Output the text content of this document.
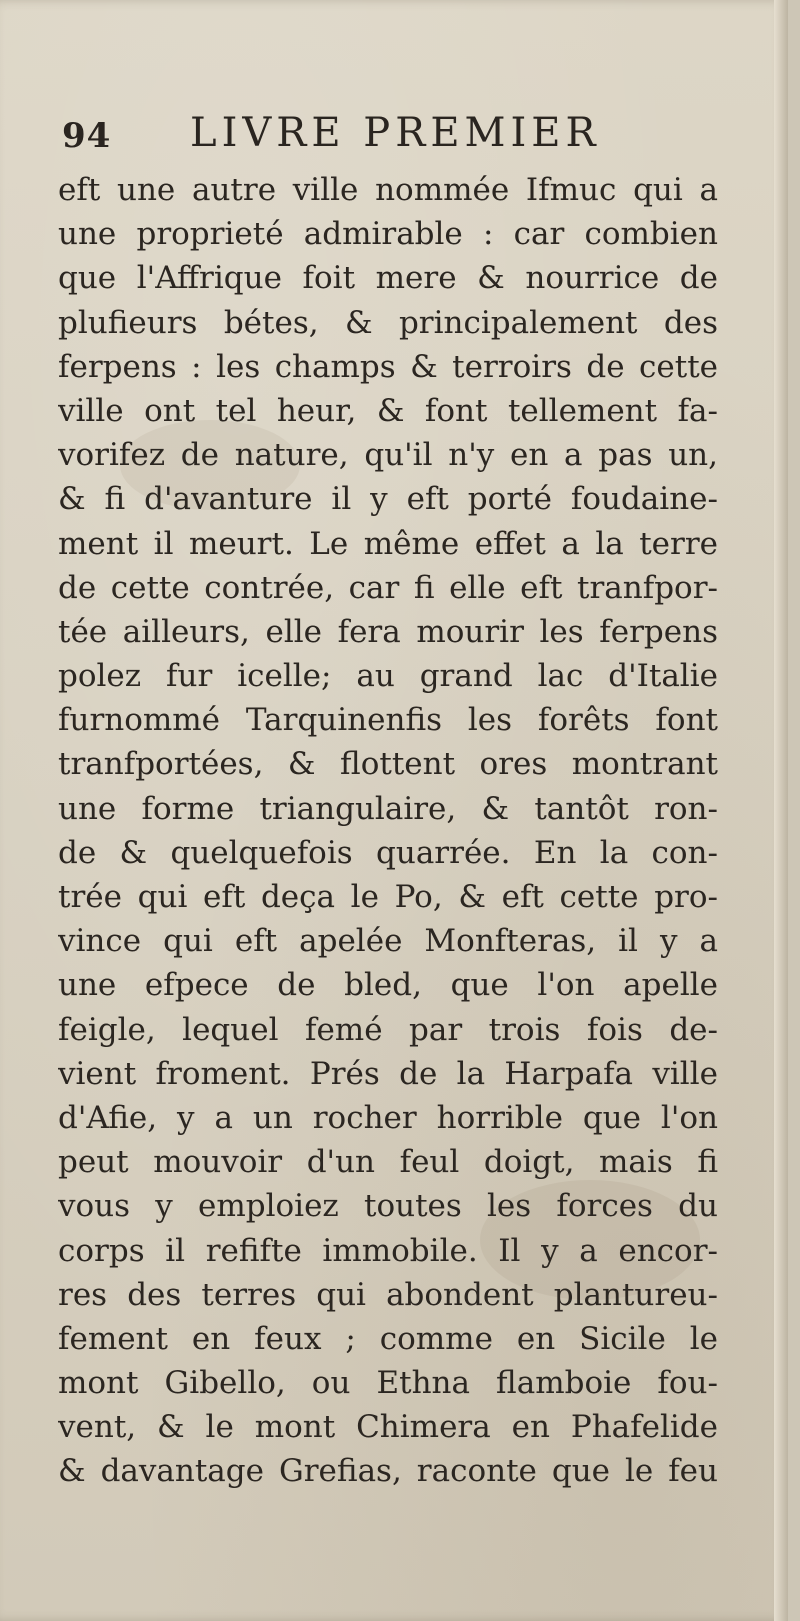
94 LIVRE PREMIER
eft une autre ville nommée Ifmuc qui a
une proprieté admirable : car combien
que l'Affrique foit mere & nourrice de
plufieurs bétes, & principalement des
ferpens : les champs & terroirs de cette
ville ont tel heur, & font tellement fa-
vorifez de nature, qu'il n'y en a pas un,
& fi d'avanture il y eft porté foudaine-
ment il meurt. Le même effet a la terre
de cette contrée, car fi elle eft tranfpor-
tée ailleurs, elle fera mourir les ferpens
polez fur icelle; au grand lac d'Italie
furnommé Tarquinenfis les forêts font
tranfportées, & flottent ores montrant
une forme triangulaire, & tantôt ron-
de & quelquefois quarrée. En la con-
trée qui eft deça le Po, & eft cette pro-
vince qui eft apelée Monfteras, il y a
une efpece de bled, que l'on apelle
feigle, lequel femé par trois fois de-
vient froment. Prés de la Harpafa ville
d'Afie, y a un rocher horrible que l'on
peut mouvoir d'un feul doigt, mais fi
vous y emploiez toutes les forces du
corps il refifte immobile. Il y a encor-
res des terres qui abondent plantureu-
fement en feux ; comme en Sicile le
mont Gibello, ou Ethna flamboie fou-
vent, & le mont Chimera en Phafelide
& davantage Grefias, raconte que le feu
